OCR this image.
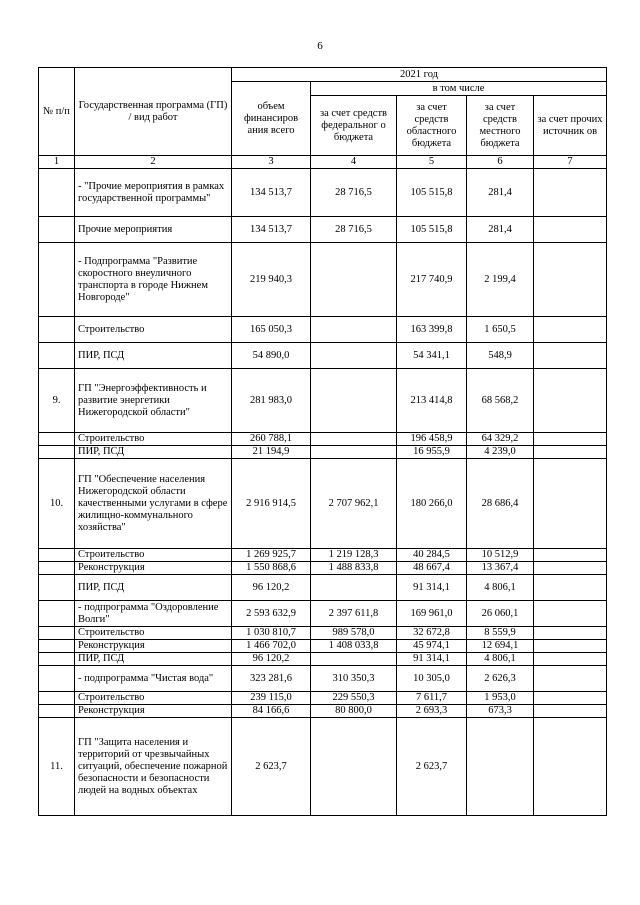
6
№ п/п	Государственная программа (ГП) / вид работ	2021 год				
		объем финансиров ания всего	в том числе			
			за счет средств федеральног о бюджета	за счет средств областного бюджета	за счет средств местного бюджета	за счет прочих источник ов
1	2	3	4	5	6	7
	- "Прочие мероприятия в рамках государственной программы"	134 513,7	28 716,5	105 515,8	281,4	
	Прочие мероприятия	134 513,7	28 716,5	105 515,8	281,4	
	- Подпрограмма "Развитие скоростного внеуличного транспорта в городе Нижнем Новгороде"	219 940,3		217 740,9	2 199,4	
	Строительство	165 050,3		163 399,8	1 650,5	
	ПИР, ПСД	54 890,0		54 341,1	548,9	
9.	ГП "Энергоэффективность и развитие энергетики Нижегородской области"	281 983,0		213 414,8	68 568,2	
	Строительство	260 788,1		196 458,9	64 329,2	
	ПИР, ПСД	21 194,9		16 955,9	4 239,0	
10.	ГП "Обеспечение населения Нижегородской области качественными услугами в сфере жилищно-коммунального хозяйства"	2 916 914,5	2 707 962,1	180 266,0	28 686,4	
	Строительство	1 269 925,7	1 219 128,3	40 284,5	10 512,9	
	Реконструкция	1 550 868,6	1 488 833,8	48 667,4	13 367,4	
	ПИР, ПСД	96 120,2		91 314,1	4 806,1	
	- подпрограмма "Оздоровление Волги"	2 593 632,9	2 397 611,8	169 961,0	26 060,1	
	Строительство	1 030 810,7	989 578,0	32 672,8	8 559,9	
	Реконструкция	1 466 702,0	1 408 033,8	45 974,1	12 694,1	
	ПИР, ПСД	96 120,2		91 314,1	4 806,1	
	- подпрограмма "Чистая вода"	323 281,6	310 350,3	10 305,0	2 626,3	
	Строительство	239 115,0	229 550,3	7 611,7	1 953,0	
	Реконструкция	84 166,6	80 800,0	2 693,3	673,3	
11.	ГП "Защита населения и территорий от чрезвычайных ситуаций, обеспечение пожарной безопасности и безопасности людей на водных объектах	2 623,7		2 623,7		
